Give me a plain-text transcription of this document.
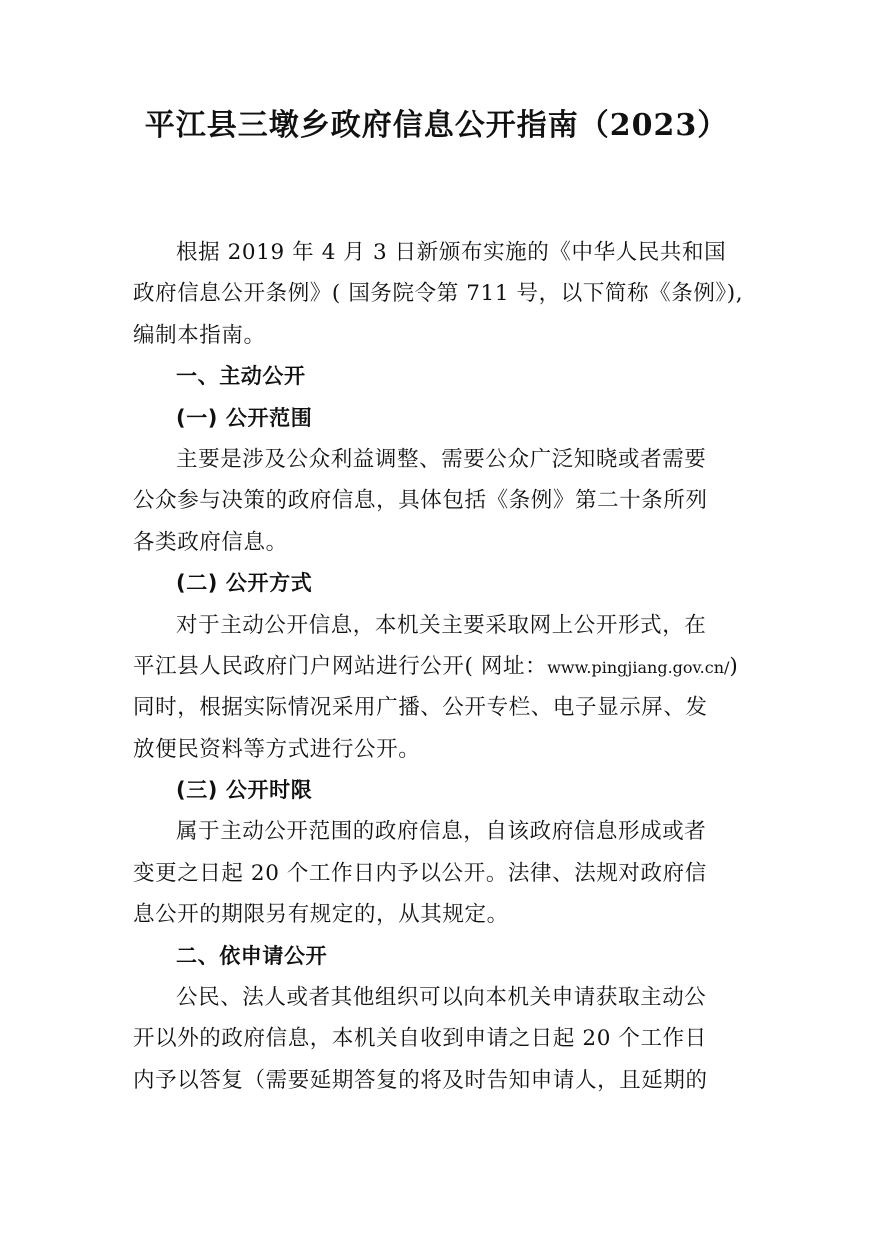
平江县三墩乡政府信息公开指南（2023）
根据 2019 年 4 月 3 日新颁布实施的《中华人民共和国
政府信息公开条例》( 国务院令第 711 号，以下简称《条例》),
编制本指南。
一、主动公开
(一) 公开范围
主要是涉及公众利益调整、需要公众广泛知晓或者需要
公众参与决策的政府信息，具体包括《条例》第二十条所列
各类政府信息。
(二) 公开方式
对于主动公开信息，本机关主要采取网上公开形式，在
平江县人民政府门户网站进行公开( 网址：www.pingjiang.gov.cn/)
同时，根据实际情况采用广播、公开专栏、电子显示屏、发
放便民资料等方式进行公开。
(三) 公开时限
属于主动公开范围的政府信息，自该政府信息形成或者
变更之日起 20 个工作日内予以公开。法律、法规对政府信
息公开的期限另有规定的，从其规定。
二、依申请公开
公民、法人或者其他组织可以向本机关申请获取主动公
开以外的政府信息，本机关自收到申请之日起 20 个工作日
内予以答复（需要延期答复的将及时告知申请人，且延期的
